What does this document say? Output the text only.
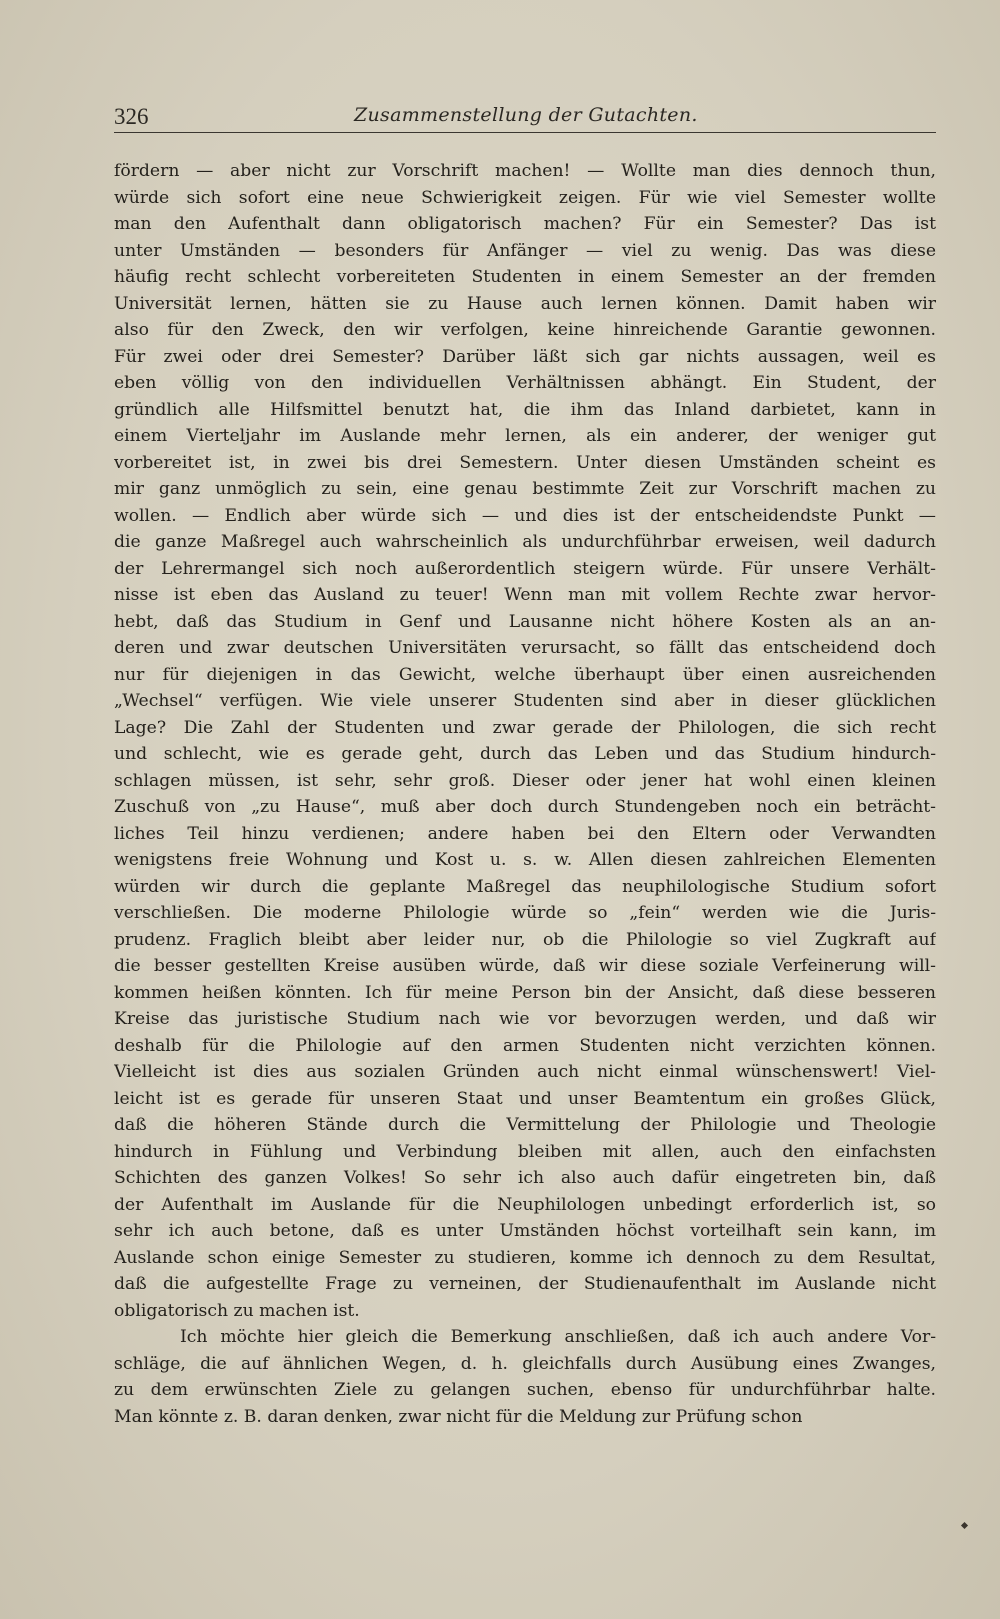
326	Zusammenstellung der Gutachten.
fördern — aber nicht zur Vorschrift machen! — Wollte man dies dennoch thun,
würde sich sofort eine neue Schwierigkeit zeigen. Für wie viel Semester wollte
man den Aufenthalt dann obligatorisch machen? Für ein Semester? Das ist
unter Umständen — besonders für Anfänger — viel zu wenig. Das was diese
häufig recht schlecht vorbereiteten Studenten in einem Semester an der fremden
Universität lernen, hätten sie zu Hause auch lernen können. Damit haben wir
also für den Zweck, den wir verfolgen, keine hinreichende Garantie gewonnen.
Für zwei oder drei Semester? Darüber läßt sich gar nichts aussagen, weil es
eben völlig von den individuellen Verhältnissen abhängt. Ein Student, der
gründlich alle Hilfsmittel benutzt hat, die ihm das Inland darbietet, kann in
einem Vierteljahr im Auslande mehr lernen, als ein anderer, der weniger gut
vorbereitet ist, in zwei bis drei Semestern. Unter diesen Umständen scheint es
mir ganz unmöglich zu sein, eine genau bestimmte Zeit zur Vorschrift machen zu
wollen. — Endlich aber würde sich — und dies ist der entscheidendste Punkt —
die ganze Maßregel auch wahrscheinlich als undurchführbar erweisen, weil dadurch
der Lehrermangel sich noch außerordentlich steigern würde. Für unsere Verhält-
nisse ist eben das Ausland zu teuer! Wenn man mit vollem Rechte zwar hervor-
hebt, daß das Studium in Genf und Lausanne nicht höhere Kosten als an an-
deren und zwar deutschen Universitäten verursacht, so fällt das entscheidend doch
nur für diejenigen in das Gewicht, welche überhaupt über einen ausreichenden
„Wechsel“ verfügen. Wie viele unserer Studenten sind aber in dieser glücklichen
Lage? Die Zahl der Studenten und zwar gerade der Philologen, die sich recht
und schlecht, wie es gerade geht, durch das Leben und das Studium hindurch-
schlagen müssen, ist sehr, sehr groß. Dieser oder jener hat wohl einen kleinen
Zuschuß von „zu Hause“, muß aber doch durch Stundengeben noch ein beträcht-
liches Teil hinzu verdienen; andere haben bei den Eltern oder Verwandten
wenigstens freie Wohnung und Kost u. s. w. Allen diesen zahlreichen Elementen
würden wir durch die geplante Maßregel das neuphilologische Studium sofort
verschließen. Die moderne Philologie würde so „fein“ werden wie die Juris-
prudenz. Fraglich bleibt aber leider nur, ob die Philologie so viel Zugkraft auf
die besser gestellten Kreise ausüben würde, daß wir diese soziale Verfeinerung will-
kommen heißen könnten. Ich für meine Person bin der Ansicht, daß diese besseren
Kreise das juristische Studium nach wie vor bevorzugen werden, und daß wir
deshalb für die Philologie auf den armen Studenten nicht verzichten können.
Vielleicht ist dies aus sozialen Gründen auch nicht einmal wünschenswert! Viel-
leicht ist es gerade für unseren Staat und unser Beamtentum ein großes Glück,
daß die höheren Stände durch die Vermittelung der Philologie und Theologie
hindurch in Fühlung und Verbindung bleiben mit allen, auch den einfachsten
Schichten des ganzen Volkes! So sehr ich also auch dafür eingetreten bin, daß
der Aufenthalt im Auslande für die Neuphilologen unbedingt erforderlich ist, so
sehr ich auch betone, daß es unter Umständen höchst vorteilhaft sein kann, im
Auslande schon einige Semester zu studieren, komme ich dennoch zu dem Resultat,
daß die aufgestellte Frage zu verneinen, der Studienaufenthalt im Auslande nicht
obligatorisch zu machen ist.
Ich möchte hier gleich die Bemerkung anschließen, daß ich auch andere Vor-
schläge, die auf ähnlichen Wegen, d. h. gleichfalls durch Ausübung eines Zwanges,
zu dem erwünschten Ziele zu gelangen suchen, ebenso für undurchführbar halte.
Man könnte z. B. daran denken, zwar nicht für die Meldung zur Prüfung schon
